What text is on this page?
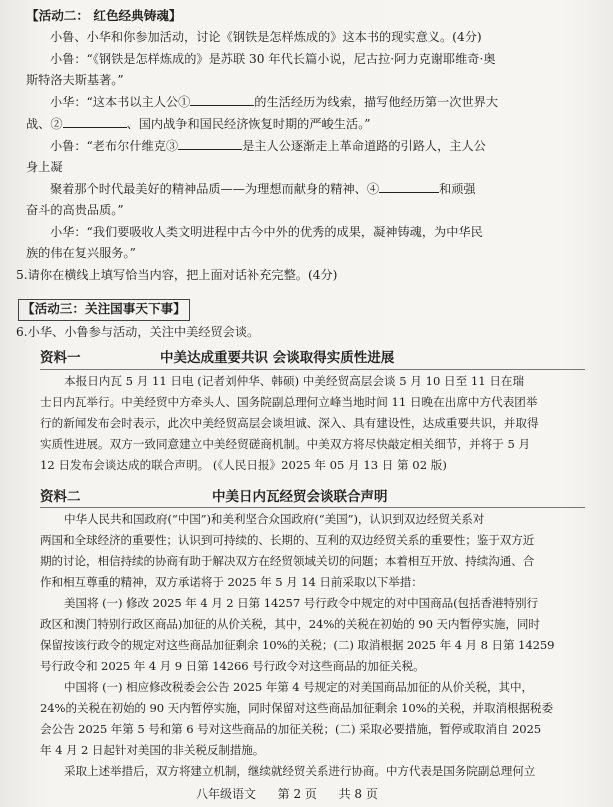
【活动二： 红色经典铸魂】
小鲁、小华和你参加活动，讨论《钢铁是怎样炼成的》这本书的现实意义。(4分)
小鲁：“《钢铁是怎样炼成的》是苏联 30 年代长篇小说，尼古拉·阿力克谢耶维奇·奥
斯特洛夫斯基著。”
小华：“这本书以主人公①	的生活经历为线索，描写他经历第一次世界大
战、②	、国内战争和国民经济恢复时期的严峻生活。”
小鲁：“老布尔什维克③	是主人公逐渐走上革命道路的引路人，主人公
身上凝
聚着那个时代最美好的精神品质——为理想而献身的精神、④	和顽强
奋斗的高贵品质。”
小华：“我们要吸收人类文明进程中古今中外的优秀的成果，凝神铸魂，为中华民
族的伟在复兴服务。”
5.请你在横线上填写恰当内容，把上面对话补充完整。(4分)
【活动三：关注国事天下事】
6.小华、小鲁参与活动，关注中美经贸会谈。
资料一	中美达成重要共识 会谈取得实质性进展
本报日内瓦 5 月 11 日电 (记者刘仲华、韩硕) 中美经贸高层会谈 5 月 10 日至 11 日在瑞
士日内瓦举行。中美经贸中方牵头人、国务院副总理何立峰当地时间 11 日晚在出席中方代表团举
行的新闻发布会时表示，此次中美经贸高层会谈坦诚、深入、具有建设性，达成重要共识，并取得
实质性进展。双方一致同意建立中美经贸磋商机制。中美双方将尽快敲定相关细节，并将于 5 月
12 日发布会谈达成的联合声明。 (《人民日报》2025 年 05 月 13 日 第 02 版)
资料二	中美日内瓦经贸会谈联合声明
中华人民共和国政府(“中国”)和美利坚合众国政府(“美国”)，认识到双边经贸关系对
两国和全球经济的重要性；认识到可持续的、长期的、互利的双边经贸关系的重要性；鉴于双方近
期的讨论，相信持续的协商有助于解决双方在经贸领域关切的问题；本着相互开放、持续沟通、合
作和相互尊重的精神，双方承诺将于 2025 年 5 月 14 日前采取以下举措：
美国将 (一) 修改 2025 年 4 月 2 日第 14257 号行政令中规定的对中国商品(包括香港特别行
政区和澳门特别行政区商品)加征的从价关税，其中，24%的关税在初始的 90 天内暂停实施，同时
保留按该行政令的规定对这些商品加征剩余 10%的关税；(二) 取消根据 2025 年 4 月 8 日第 14259
号行政令和 2025 年 4 月 9 日第 14266 号行政令对这些商品的加征关税。
中国将 (一) 相应修改税委会公告 2025 年第 4 号规定的对美国商品加征的从价关税，其中，
24%的关税在初始的 90 天内暂停实施，同时保留对这些商品加征剩余 10%的关税，并取消根据税委
会公告 2025 年第 5 号和第 6 号对这些商品的加征关税；(二) 采取必要措施，暂停或取消自 2025
年 4 月 2 日起针对美国的非关税反制措施。
采取上述举措后，双方将建立机制，继续就经贸关系进行协商。中方代表是国务院副总理何立
八年级语文 第 2 页 共 8 页
